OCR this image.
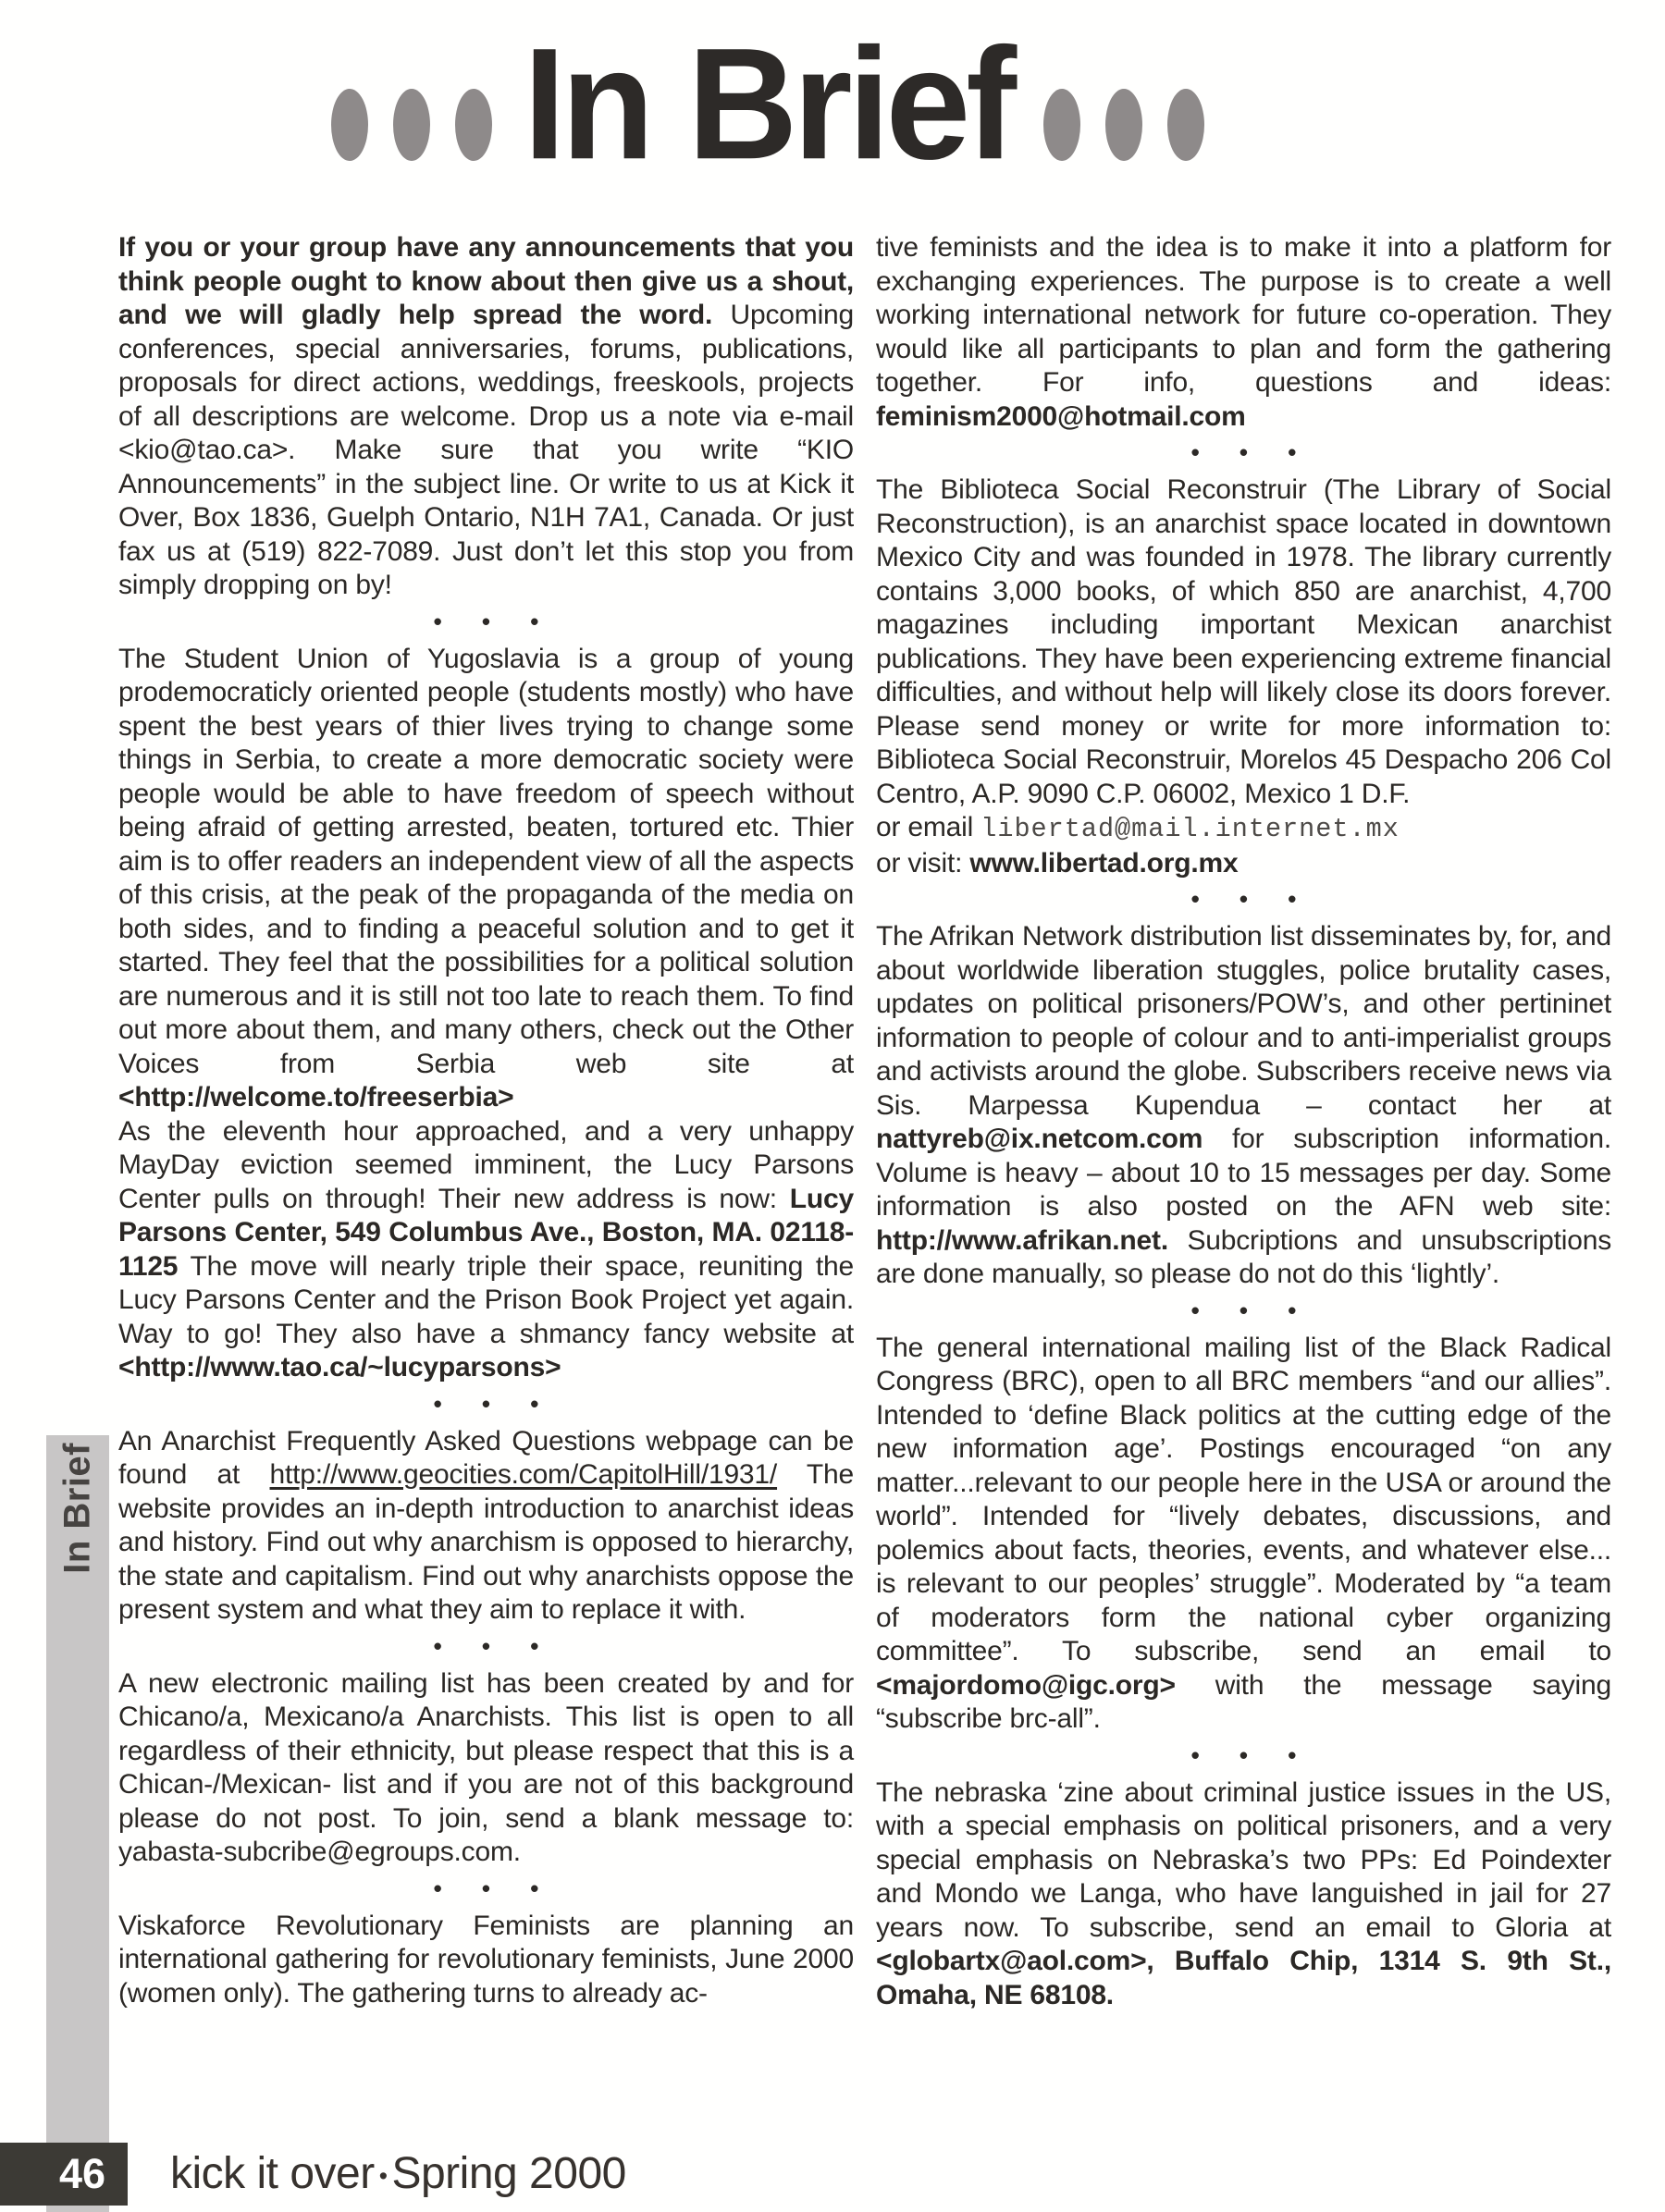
In Brief

If you or your group have any announcements that you think people ought to know about then give us a shout, and we will gladly help spread the word. Upcoming conferences, special anniversaries, forums, publications, proposals for direct actions, weddings, freeskools, projects of all descriptions are welcome. Drop us a note via e-mail <kio@tao.ca>. Make sure that you write “KIO Announcements” in the subject line. Or write to us at Kick it Over, Box 1836, Guelph Ontario, N1H 7A1, Canada. Or just fax us at (519) 822-7089. Just don’t let this stop you from simply dropping on by!

• • •

The Student Union of Yugoslavia is a group of young prodemocraticly oriented people (students mostly) who have spent the best years of thier lives trying to change some things in Serbia, to create a more democratic society were people would be able to have freedom of speech without being afraid of getting arrested, beaten, tortured etc. Thier aim is to offer readers an independent view of all the aspects of this crisis, at the peak of the propaganda of the media on both sides, and to finding a peaceful solution and to get it started. They feel that the possibilities for a political solution are numerous and it is still not too late to reach them. To find out more about them, and many others, check out the Other Voices from Serbia web site at <http://welcome.to/freeserbia>

As the eleventh hour approached, and a very unhappy MayDay eviction seemed imminent, the Lucy Parsons Center pulls on through! Their new address is now: Lucy Parsons Center, 549 Columbus Ave., Boston, MA. 02118-1125 The move will nearly triple their space, reuniting the Lucy Parsons Center and the Prison Book Project yet again. Way to go! They also have a shmancy fancy website at <http://www.tao.ca/~lucyparsons>

• • •

An Anarchist Frequently Asked Questions webpage can be found at http://www.geocities.com/CapitolHill/1931/ The website provides an in-depth introduction to anarchist ideas and history. Find out why anarchism is opposed to hierarchy, the state and capitalism. Find out why anarchists oppose the present system and what they aim to replace it with.

• • •

A new electronic mailing list has been created by and for Chicano/a, Mexicano/a Anarchists. This list is open to all regardless of their ethnicity, but please respect that this is a Chican-/Mexican- list and if you are not of this background please do not post. To join, send a blank message to: yabasta-subcribe@egroups.com.

• • •

Viskaforce Revolutionary Feminists are planning an international gathering for revolutionary feminists, June 2000 (women only). The gathering turns to already ac-

tive feminists and the idea is to make it into a platform for exchanging experiences. The purpose is to create a well working international network for future co-operation. They would like all participants to plan and form the gathering together. For info, questions and ideas: feminism2000@hotmail.com

• • •

The Biblioteca Social Reconstruir (The Library of Social Reconstruction), is an anarchist space located in downtown Mexico City and was founded in 1978. The library currently contains 3,000 books, of which 850 are anarchist, 4,700 magazines including important Mexican anarchist publications. They have been experiencing extreme financial difficulties, and without help will likely close its doors forever. Please send money or write for more information to: Biblioteca Social Reconstruir, Morelos 45 Despacho 206 Col Centro, A.P. 9090 C.P. 06002, Mexico 1 D.F.

or email libertad@mail.internet.mx

or visit: www.libertad.org.mx

• • •

The Afrikan Network distribution list disseminates by, for, and about worldwide liberation stuggles, police brutality cases, updates on political prisoners/POW’s, and other pertininet information to people of colour and to anti-imperialist groups and activists around the globe. Subscribers receive news via Sis. Marpessa Kupendua – contact her at nattyreb@ix.netcom.com for subscription information. Volume is heavy – about 10 to 15 messages per day. Some information is also posted on the AFN web site: http://www.afrikan.net. Subcriptions and unsubscriptions are done manually, so please do not do this ‘lightly’.

• • •

The general international mailing list of the Black Radical Congress (BRC), open to all BRC members “and our allies”. Intended to ‘define Black politics at the cutting edge of the new information age’. Postings encouraged “on any matter...relevant to our people here in the USA or around the world”. Intended for “lively debates, discussions, and polemics about facts, theories, events, and whatever else... is relevant to our peoples’ struggle”. Moderated by “a team of moderators form the national cyber organizing committee”. To subscribe, send an email to <majordomo@igc.org> with the message saying “subscribe brc-all”.

• • •

The nebraska ‘zine about criminal justice issues in the US, with a special emphasis on political prisoners, and a very special emphasis on Nebraska’s two PPs: Ed Poindexter and Mondo we Langa, who have languished in jail for 27 years now. To subscribe, send an email to Gloria at <globartx@aol.com>, Buffalo Chip, 1314 S. 9th St., Omaha, NE 68108.

In Brief
46 kick it over • Spring 2000
